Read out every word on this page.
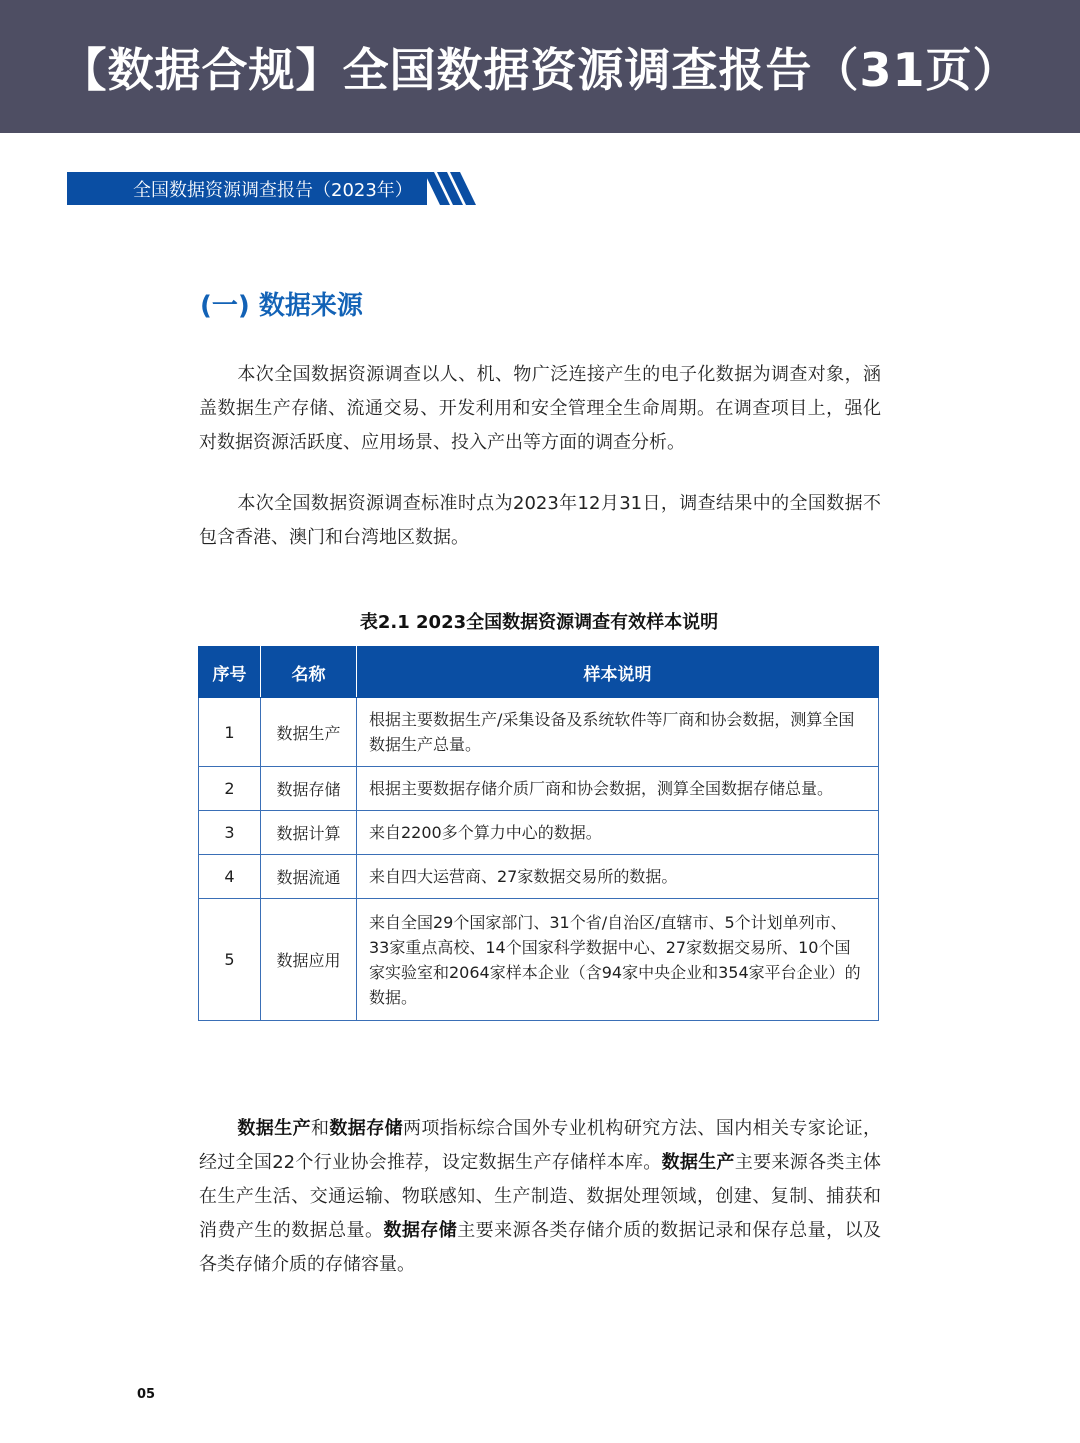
【数据合规】全国数据资源调查报告（31页）
全国数据资源调查报告（2023年）
(一) 数据来源

本次全国数据资源调查以人、机、物广泛连接产生的电子化数据为调查对象，涵盖数据生产存储、流通交易、开发利用和安全管理全生命周期。在调查项目上，强化对数据资源活跃度、应用场景、投入产出等方面的调查分析。

本次全国数据资源调查标准时点为2023年12月31日，调查结果中的全国数据不包含香港、澳门和台湾地区数据。

表2.1 2023全国数据资源调查有效样本说明

序号	名称	样本说明
1	数据生产	根据主要数据生产/采集设备及系统软件等厂商和协会数据，测算全国数据生产总量。
2	数据存储	根据主要数据存储介质厂商和协会数据，测算全国数据存储总量。
3	数据计算	来自2200多个算力中心的数据。
4	数据流通	来自四大运营商、27家数据交易所的数据。
5	数据应用	来自全国29个国家部门、31个省/自治区/直辖市、5个计划单列市、33家重点高校、14个国家科学数据中心、27家数据交易所、10个国家实验室和2064家样本企业（含94家中央企业和354家平台企业）的数据。

数据生产和数据存储两项指标综合国外专业机构研究方法、国内相关专家论证，经过全国22个行业协会推荐，设定数据生产存储样本库。数据生产主要来源各类主体在生产生活、交通运输、物联感知、生产制造、数据处理领域，创建、复制、捕获和消费产生的数据总量。数据存储主要来源各类存储介质的数据记录和保存总量，以及各类存储介质的存储容量。

05
